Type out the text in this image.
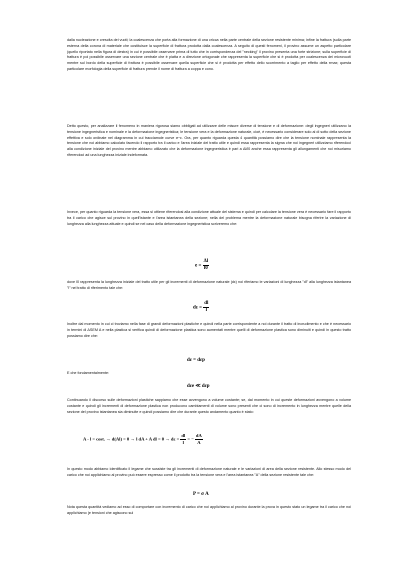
dalla nucleazione e crescita dei vuoti; la coalescenza che porta alla formazione di una cricca nella parte centrale della sezione resistente minima; infine la frattura (sulla parte esterna della corona di materiale che costituisce la superficie di frattura prodotta dalla coalescenza. A seguito di questi fenomeni, il provino assume un aspetto particolare (quello riportato nella figura di destra) in cui è possibile osservare prima di tutto che in corrispondenza del "necking" il provino presenta una forte strizione; sulla superficie di frattura è poi possibile osservare una sezione centrale che è piatta e a direzione ortogonale che rappresenta la superficie che si è prodotta per coalescenza dei microvuoti mentre sul bordo della superficie di frattura è possibile osservare quella superficie che si è prodotta per effetto dello scorrimento a taglio per effetto della τmax; questa particolare morfologia della superficie di frattura prende il nome di frattura a coppa e cono.

Detto questo, per analizzare il fenomeno in maniera rigorosa siamo obbligati ad utilizzare delle misure diverse di tensione e di deformazione: degli ingegneri utilizzano la tensione ingegneristica e nominale e la deformazione ingegneristica; le tensione vera e la deformazione naturale, cioè, è necessario considerare solo al di sotto della sezione effettiva e solo ordinate nel diagramma in cui tracciamole curve σ−ε. Ora, per quanto riguarda questa 4 quantità possiamo dire che la tensione nominale rappresenta la tensione che noi abbiamo calcolato facendo il rapporto tra il carico e l'area iniziale del tratto utile e quindi essa rappresenta la sigma che noi ingegneri utilizziamo riferendoci alla condizione iniziale del provino mentre abbiamo utilizzato che la deformazione ingegneristica è pari a Δl/l0 anche essa rappresenta gli allungamenti che noi misuriamo riferendoci ad una lunghezza iniziale indeformata.

Invece, per quanto riguarda la tensione vera, essa si ottiene riferendosi alla condizione attuale del sistema e quindi per calcolare la tensione vera è necessario fare il rapporto tra il carico che agisce sul provino in quell'istante e l'area istantanea della sezione; nella del problema mentre la deformazione naturale bisogna riferire la variazione di lunghezza alla lunghezza attuale e quindi se nel caso della deformazione ingegneristica scriveremo che:

$e = \frac{\Delta l}{l0}$

dove l0 rappresenta la lunghezza iniziale del tratto utile per gli incrementi di deformazione naturale (dε) noi riferiamo le variazioni di lunghezza "dl" alla lunghezza istantanea "l" nel tratto di riferimento tale che:

$d\varepsilon = \frac{dl}{l}$

Inoltre dal momento in cui ci troviamo nella fase di grandi deformazioni plastiche e quindi nella parte corrispondente a noi durante il tratto di incrudimento e che è necessario in termini di ΔSEM A e nella plastica si verifica quindi di deformazione plastica sono aumentati mentre quelli di deformazione plastica sono diminuiti e quindi in questo tratto possiamo dire che:

dε = dεp

E che fondamentalmente:

dεe ≪ dεp

Continuando il discorso sulle deformazioni plastiche sappiamo che esse avvengono a volume costante; se, dal momento in cui queste deformazioni avvengono a volume costante e quindi gli incrementi di deformazione plastica non producono cambiamenti di volume sono presenti che ci sono di incremento in lunghezza mentre quelle della sezione del provino istantanea sia diminuite e quindi possiamo dire che durante questo andamento quanto è stato:

A · l = cost. → d(Al) = 0 → l dA + A dl = $0 \to d\varepsilon = \frac{dl}{l}$ = − $\frac{dA}{A}$

In questo modo abbiamo identificato il legame che sussiste tra gli incrementi di deformazione naturale e le variazioni di area della sezione resistente. Allo stesso modo del carico che noi applichiamo al provino può essere espresso come il prodotto tra la tensione vera e l'area istantanea "A" della sezione resistente tale che:

P = σ A

Nota questa quantità vediamo ad esso di comportare con incremento di carico che noi applichiamo al provino durante la prova in questo stato un legame tra il carico che noi applichiamo (e tensioni che agiscono sul
